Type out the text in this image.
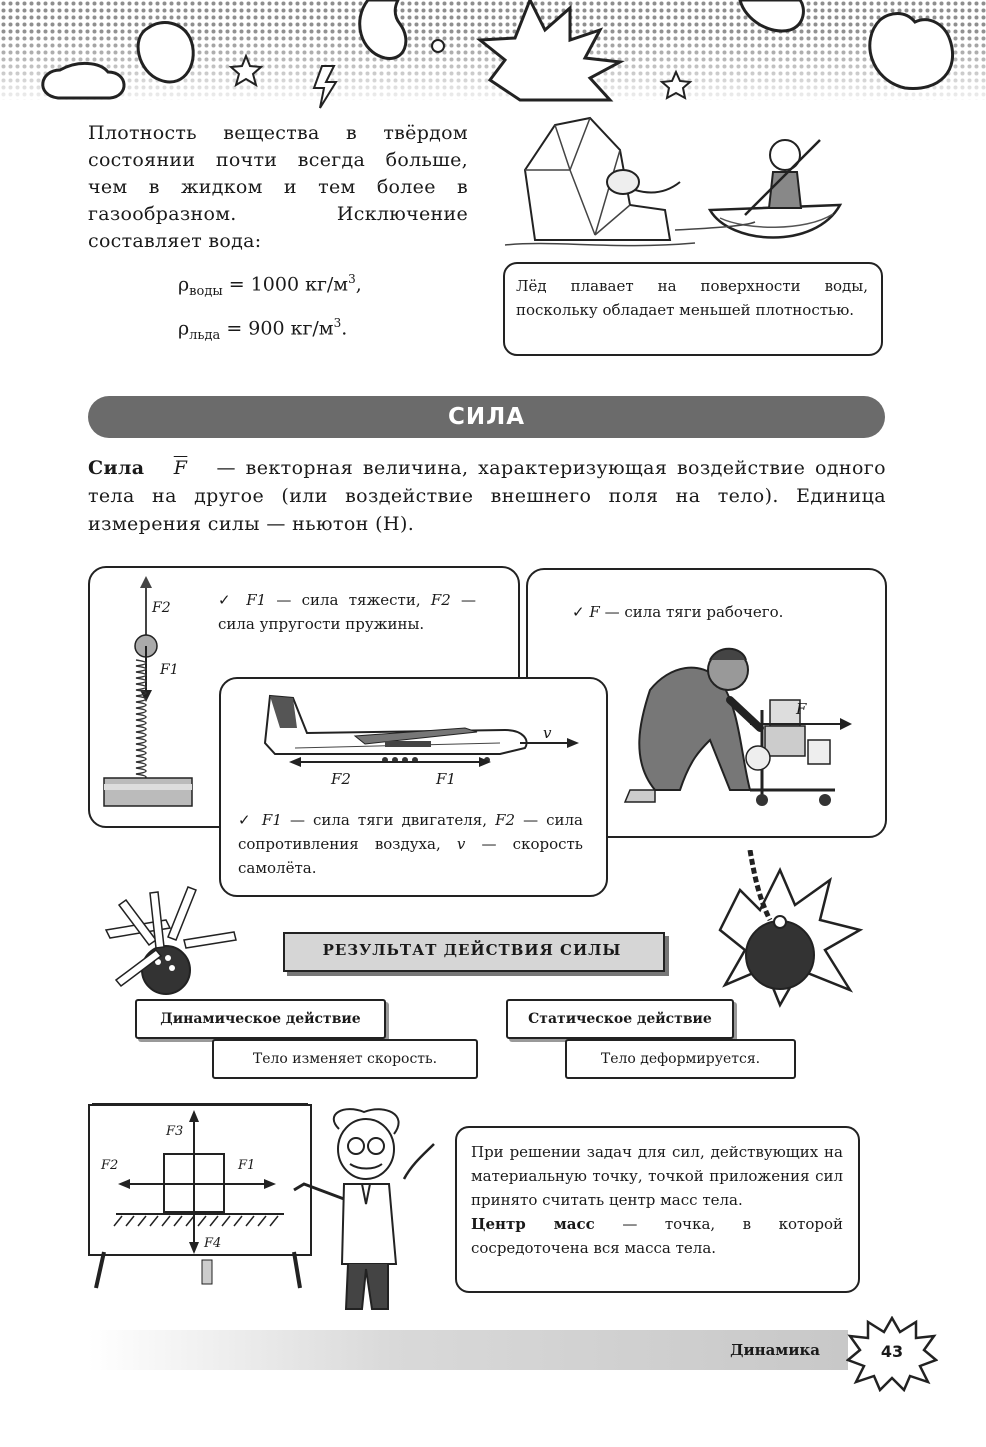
Плотность вещества в твёрдом состоянии почти всегда больше, чем в жидком и тем более в газообразном. Исключение составляет вода:
$\rho_{воды} = 1000$ $кг/м^3$,
$\rho_{льда} = 900$ $кг/м^3$.
Лёд плавает на поверхности воды, поскольку обладает меньшей плотностью.
СИЛА
Сила $\overline{F}$ — векторная величина, характеризующая воздействие одного тела на другое (или воздействие внешнего поля на тело). Единица измерения силы — ньютон (Н).
F2
F1
✓ F1 — сила тяжести, F2 — сила упругости пружины.
✓ F — сила тяги рабочего.
F
v
F2	F1
✓ F1 — сила тяги двигателя, F2 — сила сопротивления воздуха, v — скорость самолёта.
РЕЗУЛЬТАТ ДЕЙСТВИЯ СИЛЫ
Динамическое действие
Тело изменяет скорость.
Статическое действие
Тело деформируется.
F3
F2	F1
F4
При решении задач для сил, действующих на материальную точку, точкой приложения сил принято считать центр масс тела.
Центр масс — точка, в которой сосредоточена вся масса тела.
Динамика	43
